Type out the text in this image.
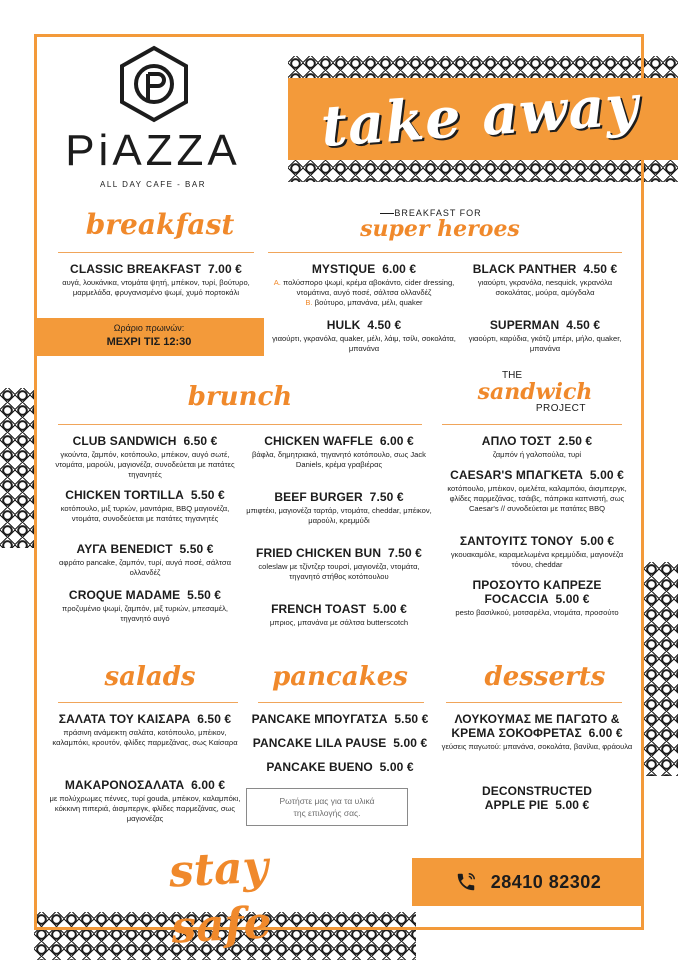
take away
PiAZZA
ALL DAY CAFE - BAR
breakfast
CLASSIC BREAKFAST 7.00 €
αυγά, λουκάνικα, ντομάτα ψητή, μπέικον, τυρί, βούτυρο, μαρμελάδα, φρυγανισμένο ψωμί, χυμό πορτοκάλι
Ωράριο πρωινών:
ΜΕΧΡΙ ΤΙΣ 12:30
BREAKFAST FOR
super heroes
MYSTIQUE 6.00 €
Α. πολύσπορο ψωμί, κρέμα αβοκάντο, cider dressing, ντομάτινα, αυγό ποσέ, σάλτσα ολλανδέζ
Β. βούτυρο, μπανάνα, μέλι, quaker
BLACK PANTHER 4.50 €
γιαούρτι, γκρανόλα, nesquick, γκρανόλα σοκολάτας, μούρα, αμύγδαλα
HULK 4.50 €
γιαούρτι, γκρανόλα, quaker, μέλι, λάιμ, τσίλι, σοκολάτα, μπανάνα
SUPERMAN 4.50 €
γιαούρτι, καρύδια, γκότζι μπέρι, μήλο, quaker, μπανάνα
brunch
CLUB SANDWICH 6.50 €
γκούντα, ζαμπόν, κοτόπουλο, μπέικον, αυγό σωτέ, ντομάτα, μαρούλι, μαγιονέζα, συνοδεύεται με πατάτες τηγανητές
CHICKEN TORTILLA 5.50 €
κοτόπουλο, μιξ τυριών, μανιτάρια, BBQ μαγιονέζα, ντομάτα, συνοδεύεται με πατάτες τηγανητές
ΑΥΓΑ BENEDICT 5.50 €
αφράτο pancake, ζαμπόν, τυρί, αυγά ποσέ, σάλτσα ολλανδέζ
CROQUE MADAME 5.50 €
προζυμένιο ψωμί, ζαμπόν, μιξ τυριών, μπεσαμέλ, τηγανητό αυγό
CHICKEN WAFFLE 6.00 €
βάφλα, δημητριακά, τηγανητό κοτόπουλο, σως Jack Daniels, κρέμα γραβιέρας
BEEF BURGER 7.50 €
μπιφτέκι, μαγιονέζα ταρτάρ, ντομάτα, cheddar, μπέικον, μαρούλι, κρεμμύδι
FRIED CHICKEN BUN 7.50 €
coleslaw με τζίντζερ τουρσί, μαγιονέζα, ντομάτα, τηγανητό στήθος κοτόπουλου
FRENCH TOAST 5.00 €
μπριος, μπανάνα με σάλτσα butterscotch
THE
sandwich
PROJECT
ΑΠΛΟ ΤΟΣΤ 2.50 €
ζαμπόν ή γαλοπούλα, τυρί
CAESAR'S ΜΠΑΓΚΕΤΑ 5.00 €
κοτόπουλο, μπέικον, ομελέτα, καλαμπόκι, άισμπεργκ, φλίδες παρμεζάνας, τσάιβς, πάπρικα καπνιστή, σως Caesar's // συνοδεύεται με πατάτες BBQ
ΣΑΝΤΟΥΙΤΣ ΤΟΝΟΥ 5.00 €
γκουακαμόλε, καραμελωμένα κρεμμύδια, μαγιονέζα τόνου, cheddar
ΠΡΟΣΟΥΤΟ ΚΑΠΡΕΖΕ
FOCACCIA 5.00 €
pesto βασιλικού, μοτσαρέλα, ντομάτα, προσούτο
salads
ΣΑΛΑΤΑ ΤΟΥ ΚΑΙΣΑΡΑ 6.50 €
πράσινη ανάμεικτη σαλάτα, κοτόπουλο, μπέικον, καλαμπόκι, κρουτόν, φλίδες παρμεζάνας, σως Καίσαρα
ΜΑΚΑΡΟΝΟΣΑΛΑΤΑ 6.00 €
με πολύχρωμες πέννες, τυρί gouda, μπέικον, καλαμπόκι, κόκκινη πιπεριά, άισμπεργκ, φλίδες παρμεζάνας, σως μαγιονέζας
pancakes
PANCAKE ΜΠΟΥΓΑΤΣΑ 5.50 €
PANCAKE LILA PAUSE 5.00 €
PANCAKE BUENO 5.00 €
Ρωτήστε μας για τα υλικά
της επιλογής σας.
desserts
ΛΟΥΚΟΥΜΑΣ ΜΕ ΠΑΓΩΤΟ &
ΚΡΕΜΑ ΣΟΚΟΦΡΕΤΑΣ 6.00 €
γεύσεις παγωτού: μπανάνα, σοκολάτα, βανίλια, φράουλα
DECONSTRUCTED
APPLE PIE 5.00 €
stay safe
28410 82302
